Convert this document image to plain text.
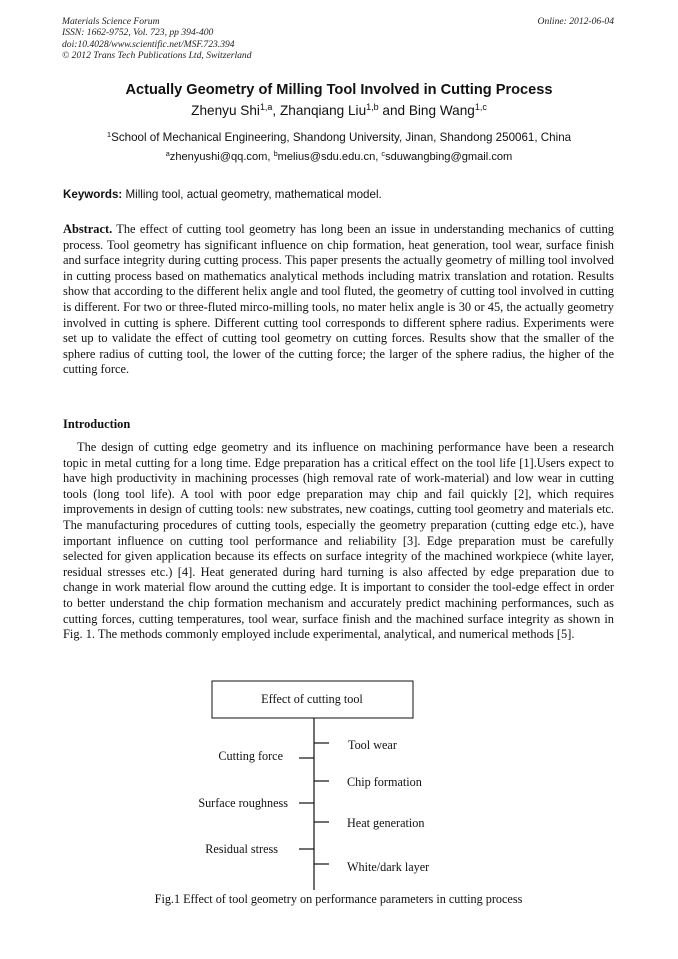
Materials Science Forum
ISSN: 1662-9752, Vol. 723, pp 394-400
doi:10.4028/www.scientific.net/MSF.723.394
© 2012 Trans Tech Publications Ltd, Switzerland
Online: 2012-06-04
Actually Geometry of Milling Tool Involved in Cutting Process
Zhenyu Shi$^{1,a}$, Zhanqiang Liu$^{1,b}$ and Bing Wang$^{1,c}$
$^1$School of Mechanical Engineering, Shandong University, Jinan, Shandong 250061, China
$^a$zhenyushi@qq.com, $^b$melius@sdu.edu.cn, $^c$sduwangbing@gmail.com
Keywords: Milling tool, actual geometry, mathematical model.
Abstract. The effect of cutting tool geometry has long been an issue in understanding mechanics of cutting process. Tool geometry has significant influence on chip formation, heat generation, tool wear, surface finish and surface integrity during cutting process. This paper presents the actually geometry of milling tool involved in cutting process based on mathematics analytical methods including matrix translation and rotation. Results show that according to the different helix angle and tool fluted, the geometry of cutting tool involved in cutting is different. For two or three-fluted mirco-milling tools, no mater helix angle is 30 or 45, the actually geometry involved in cutting is sphere. Different cutting tool corresponds to different sphere radius. Experiments were set up to validate the effect of cutting tool geometry on cutting forces. Results show that the smaller of the sphere radius of cutting tool, the lower of the cutting force; the larger of the sphere radius, the higher of the cutting force.
Introduction
The design of cutting edge geometry and its influence on machining performance have been a research topic in metal cutting for a long time. Edge preparation has a critical effect on the tool life [1].Users expect to have high productivity in machining processes (high removal rate of work-material) and low wear in cutting tools (long tool life). A tool with poor edge preparation may chip and fail quickly [2], which requires improvements in design of cutting tools: new substrates, new coatings, cutting tool geometry and materials etc. The manufacturing procedures of cutting tools, especially the geometry preparation (cutting edge etc.), have important influence on cutting tool performance and reliability [3]. Edge preparation must be carefully selected for given application because its effects on surface integrity of the machined workpiece (white layer, residual stresses etc.) [4]. Heat generated during hard turning is also affected by edge preparation due to change in work material flow around the cutting edge. It is important to consider the tool-edge effect in order to better understand the chip formation mechanism and accurately predict machining performances, such as cutting forces, cutting temperatures, tool wear, surface finish and the machined surface integrity as shown in Fig. 1. The methods commonly employed include experimental, analytical, and numerical methods [5].
Effect of cutting tool
Cutting force
Surface roughness
Residual stress
Tool wear
Chip formation
Heat generation
White/dark layer
Fig.1 Effect of tool geometry on performance parameters in cutting process
